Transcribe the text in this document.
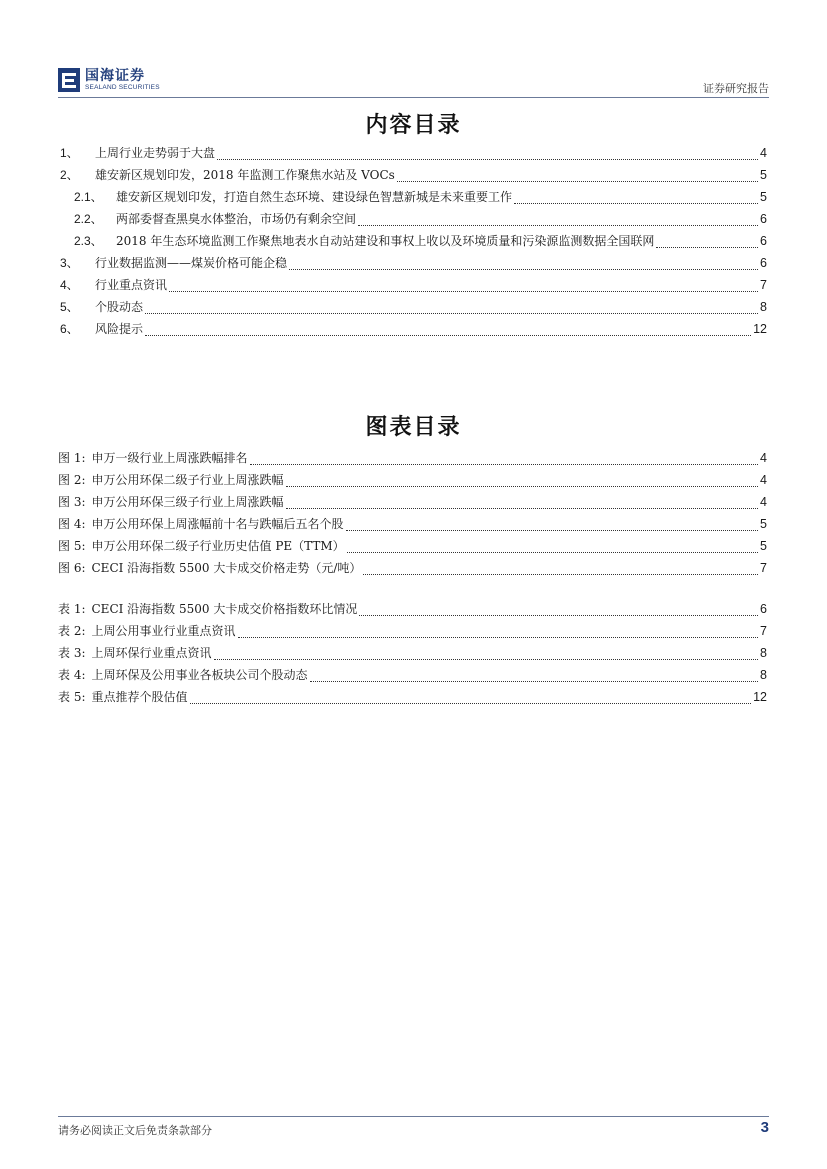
国海证券
SEALAND SECURITIES	证券研究报告
内容目录
1、	上周行业走势弱于大盘	4
2、	雄安新区规划印发，2018 年监测工作聚焦水站及 VOCs	5
2.1、	雄安新区规划印发，打造自然生态环境、建设绿色智慧新城是未来重要工作	5
2.2、	两部委督查黑臭水体整治，市场仍有剩余空间	6
2.3、	2018 年生态环境监测工作聚焦地表水自动站建设和事权上收以及环境质量和污染源监测数据全国联网	6
3、	行业数据监测——煤炭价格可能企稳	6
4、	行业重点资讯	7
5、	个股动态	8
6、	风险提示	12
图表目录
图 1: 申万一级行业上周涨跌幅排名	4
图 2: 申万公用环保二级子行业上周涨跌幅	4
图 3: 申万公用环保三级子行业上周涨跌幅	4
图 4: 申万公用环保上周涨幅前十名与跌幅后五名个股	5
图 5: 申万公用环保二级子行业历史估值 PE（TTM）	5
图 6: CECI 沿海指数 5500 大卡成交价格走势（元/吨）	7
表 1: CECI 沿海指数 5500 大卡成交价格指数环比情况	6
表 2: 上周公用事业行业重点资讯	7
表 3: 上周环保行业重点资讯	8
表 4: 上周环保及公用事业各板块公司个股动态	8
表 5: 重点推荐个股估值	12
请务必阅读正文后免责条款部分	3
